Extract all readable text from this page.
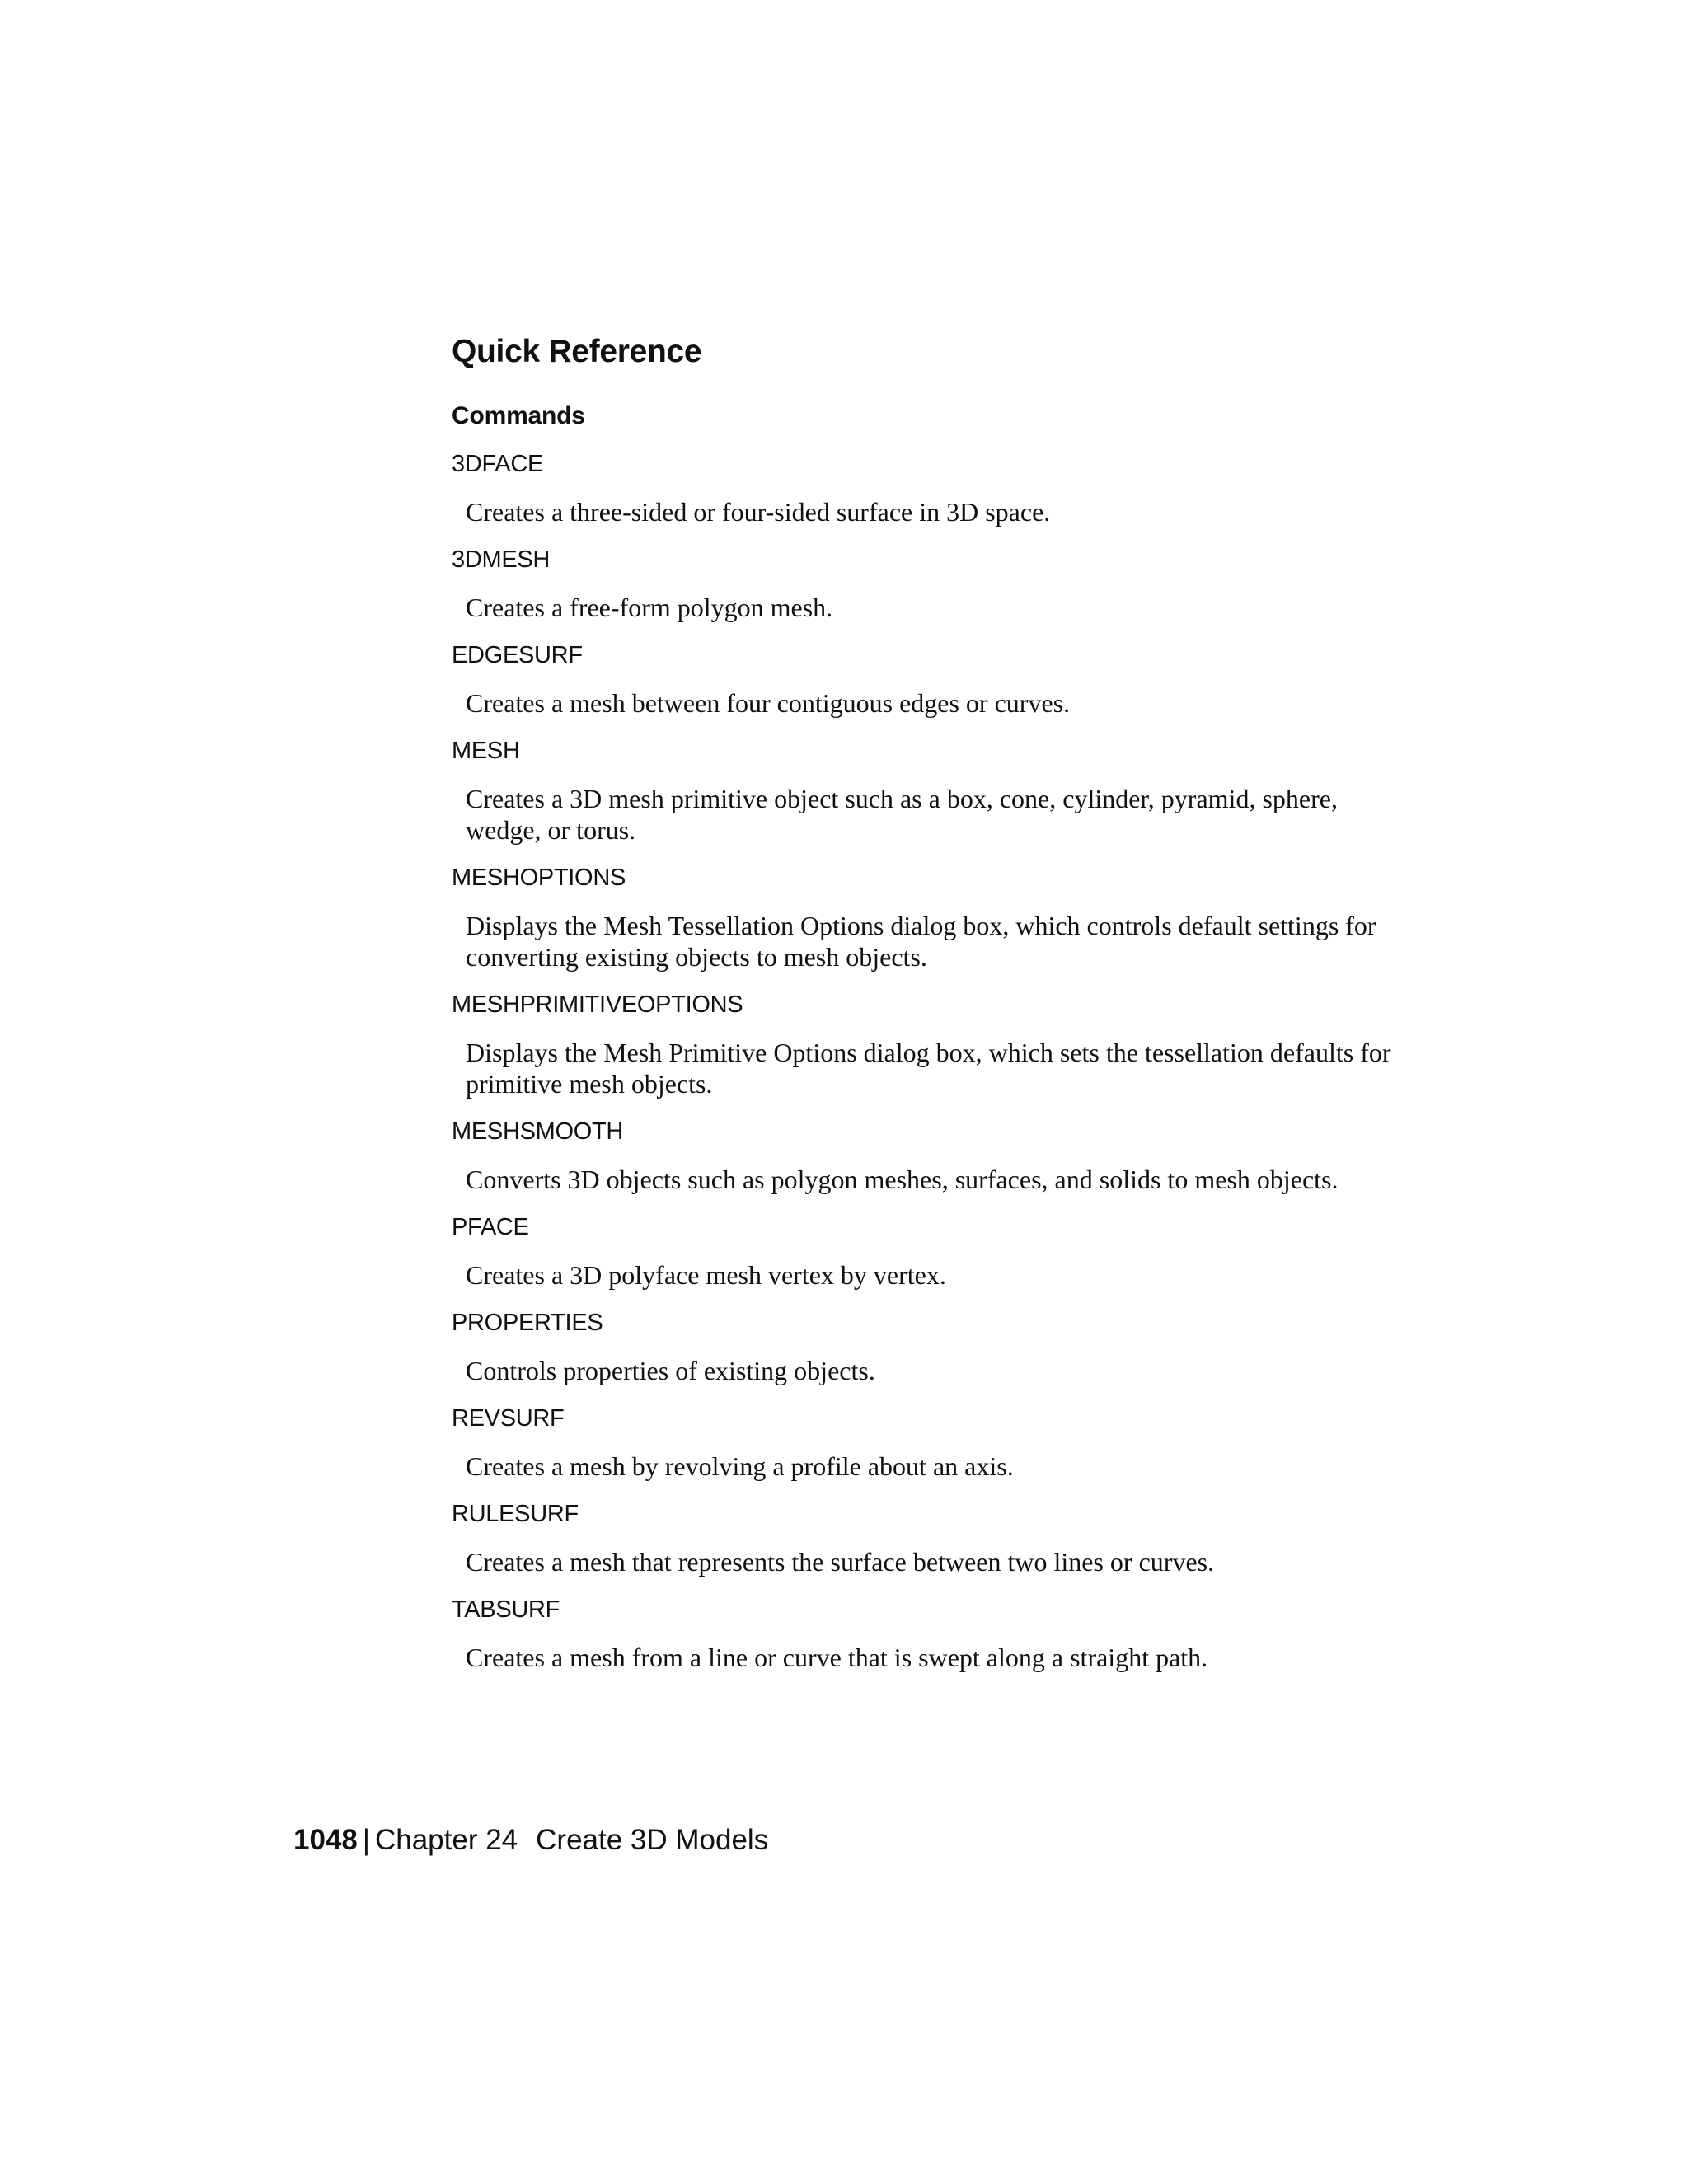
Quick Reference
Commands
3DFACE
Creates a three-sided or four-sided surface in 3D space.
3DMESH
Creates a free-form polygon mesh.
EDGESURF
Creates a mesh between four contiguous edges or curves.
MESH
Creates a 3D mesh primitive object such as a box, cone, cylinder, pyramid, sphere, wedge, or torus.
MESHOPTIONS
Displays the Mesh Tessellation Options dialog box, which controls default settings for converting existing objects to mesh objects.
MESHPRIMITIVEOPTIONS
Displays the Mesh Primitive Options dialog box, which sets the tessellation defaults for primitive mesh objects.
MESHSMOOTH
Converts 3D objects such as polygon meshes, surfaces, and solids to mesh objects.
PFACE
Creates a 3D polyface mesh vertex by vertex.
PROPERTIES
Controls properties of existing objects.
REVSURF
Creates a mesh by revolving a profile about an axis.
RULESURF
Creates a mesh that represents the surface between two lines or curves.
TABSURF
Creates a mesh from a line or curve that is swept along a straight path.
1048 | Chapter 24 Create 3D Models
